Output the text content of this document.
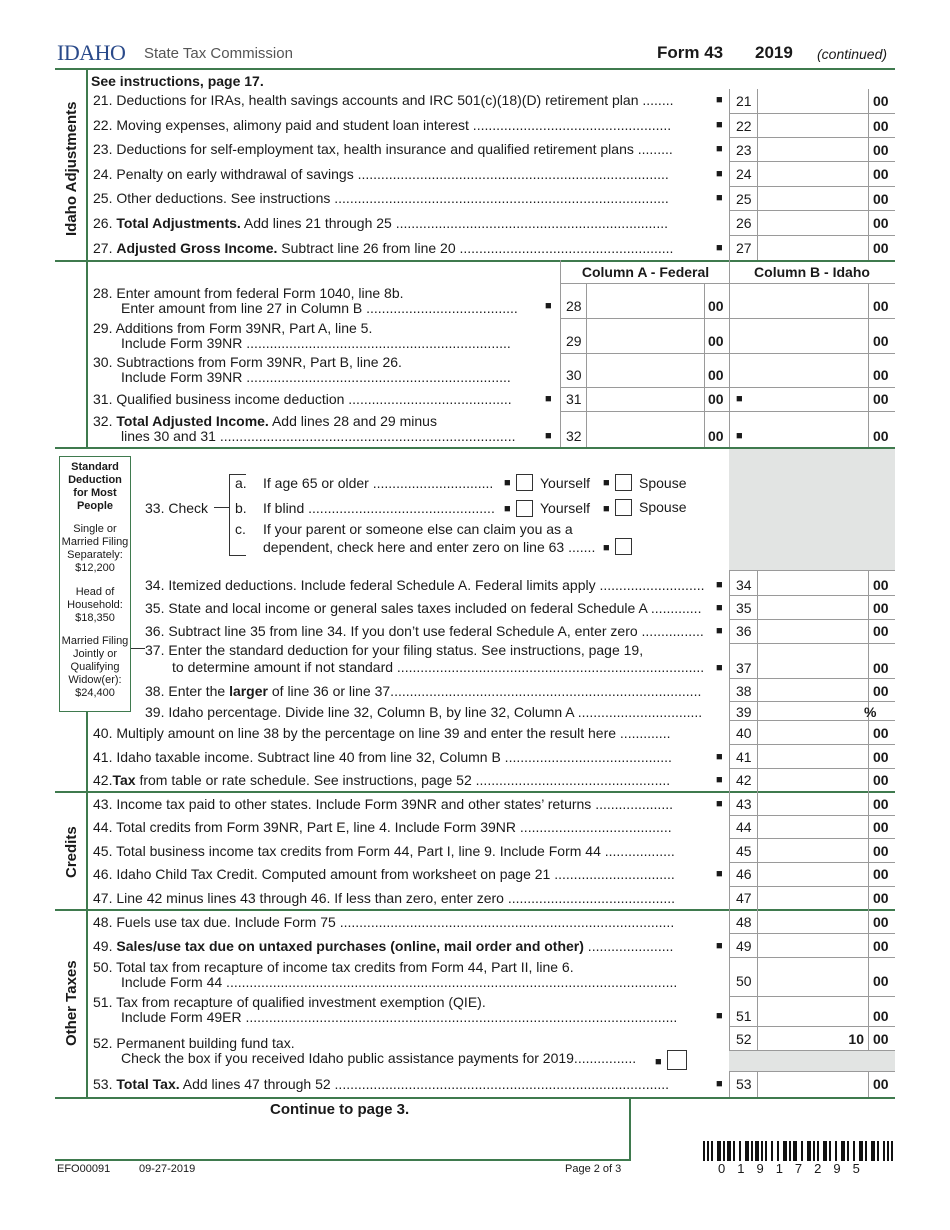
IDAHO State Tax Commission	Form 43 2019 (continued)
Idaho Adjustments
See instructions, page 17.
21. Deductions for IRAs, health savings accounts and IRC 501(c)(18)(D) retirement plan ........	■ 21	00
22. Moving expenses, alimony paid and student loan interest ...................................................	■ 22	00
23. Deductions for self-employment tax, health insurance and qualified retirement plans .........	■ 23	00
24. Penalty on early withdrawal of savings ................................................................................	■ 24	00
25. Other deductions. See instructions ......................................................................................	■ 25	00
26. Total Adjustments. Add lines 21 through 25 ......................................................................	26	00
27. Adjusted Gross Income. Subtract line 26 from line 20 .......................................................	■ 27	00
Column A - Federal	Column B - Idaho
28. Enter amount from federal Form 1040, line 8b.
Enter amount from line 27 in Column B ....................................... ■ 28	00	00
29. Additions from Form 39NR, Part A, line 5.
Include Form 39NR ....................................................................	29	00	00
30. Subtractions from Form 39NR, Part B, line 26.
Include Form 39NR ....................................................................	30	00	00
31. Qualified business income deduction ..........................................	■ 31	00 ■	00
32. Total Adjusted Income. Add lines 28 and 29 minus
lines 30 and 31 ............................................................................	■ 32	00 ■	00
Standard
Deduction
for Most
People
Single or
Married Filing
Separately:
$12,200
Head of
Household:
$18,350
Married Filing
Jointly or
Qualifying
Widow(er):
$24,400
33. Check
a. If age 65 or older ............................... ■ Yourself ■ Spouse
b. If blind ................................................ ■ Yourself ■ Spouse
c. If your parent or someone else can claim you as a
dependent, check here and enter zero on line 63 ....... ■
34. Itemized deductions. Include federal Schedule A. Federal limits apply ........................... ■ 34	00
35. State and local income or general sales taxes included on federal Schedule A ............. ■ 35	00
36. Subtract line 35 from line 34. If you don’t use federal Schedule A, enter zero ................ ■ 36	00
37. Enter the standard deduction for your filing status. See instructions, page 19,
to determine amount if not standard ............................................................................... ■ 37	00
38. Enter the larger of line 36 or line 37................................................................................ 38	00
39. Idaho percentage. Divide line 32, Column B, by line 32, Column A ................................ 39	%
40. Multiply amount on line 38 by the percentage on line 39 and enter the result here .............	40	00
41. Idaho taxable income. Subtract line 40 from line 32, Column B ...........................................	■ 41	00
42.Tax from table or rate schedule. See instructions, page 52 ..................................................	■ 42	00
Credits
43. Income tax paid to other states. Include Form 39NR and other states’ returns ....................	■ 43	00
44. Total credits from Form 39NR, Part E, line 4. Include Form 39NR .......................................	44	00
45. Total business income tax credits from Form 44, Part I, line 9. Include Form 44 ..................	45	00
46. Idaho Child Tax Credit. Computed amount from worksheet on page 21 ...............................	■ 46	00
47. Line 42 minus lines 43 through 46. If less than zero, enter zero ...........................................	47	00
Other Taxes
48. Fuels use tax due. Include Form 75 ......................................................................................	48	00
49. Sales/use tax due on untaxed purchases (online, mail order and other) ......................	■ 49	00
50. Total tax from recapture of income tax credits from Form 44, Part II, line 6.
Include Form 44 ....................................................................................................................	50	00
51. Tax from recapture of qualified investment exemption (QIE).
Include Form 49ER ...............................................................................................................	■ 51	00
52. Permanent building fund tax.
Check the box if you received Idaho public assistance payments for 2019................ ■
52	10 00
53. Total Tax. Add lines 47 through 52 ......................................................................................	■ 53	00
Continue to page 3.
EFO00091	09-27-2019	Page 2 of 3	01917295
